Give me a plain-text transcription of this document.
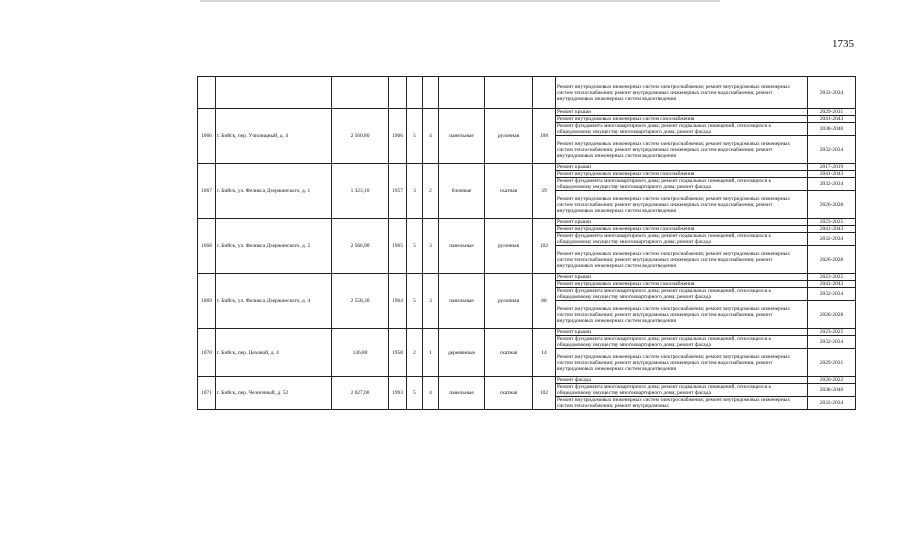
1735
									Ремонт внутридомовых инженерных систем электроснабжения; ремонт внутридомовых инженерных систем теплоснабжения; ремонт внутридомовых инженерных систем водоснабжения; ремонт внутридомовых инженерных систем водоотведения	2032-2034
1066	г. Бийск, пер. Училищный, д. 4	2 560,80	1966	5	4	панельные	рулонная	108	Ремонт крыши	2029-2031
									Ремонт внутридомовых инженерных систем газоснабжения	2041-2043
									Ремонт фундамента многоквартирного дома; ремонт подвальных помещений, относящихся к общедомовому имуществу многоквартирного дома; ремонт фасада	2038-2040
									Ремонт внутридомовых инженерных систем электроснабжения; ремонт внутридомовых инженерных систем теплоснабжения; ремонт внутридомовых инженерных систем водоснабжения; ремонт внутридомовых инженерных систем водоотведения	2032-2034
1067	г. Бийск, ул. Феликса Дзержинского, д. 1	1 323,10	1957	3	2	блочные	скатная	39	Ремонт крыши	2017-2019
									Ремонт внутридомовых инженерных систем газоснабжения	2041-2043
									Ремонт фундамента многоквартирного дома; ремонт подвальных помещений, относящихся к общедомовому имуществу многоквартирного дома; ремонт фасада	2032-2034
									Ремонт внутридомовых инженерных систем электроснабжения; ремонт внутридомовых инженерных систем теплоснабжения; ремонт внутридомовых инженерных систем водоснабжения; ремонт внутридомовых инженерных систем водоотведения	2026-2028
1068	г. Бийск, ул. Феликса Дзержинского, д. 2	2 566,90	1965	5	3	панельные	рулонная	102	Ремонт крыши	2023-2025
									Ремонт внутридомовых инженерных систем газоснабжения	2041-2043
									Ремонт фундамента многоквартирного дома; ремонт подвальных помещений, относящихся к общедомовому имуществу многоквартирного дома; ремонт фасада	2032-2034
									Ремонт внутридомовых инженерных систем электроснабжения; ремонт внутридомовых инженерных систем теплоснабжения; ремонт внутридомовых инженерных систем водоснабжения; ремонт внутридомовых инженерных систем водоотведения	2026-2028
1069	г. Бийск, ул. Феликса Дзержинского, д. 4	2 558,30	1964	5	3	панельные	рулонная	88	Ремонт крыши	2023-2025
									Ремонт внутридомовых инженерных систем газоснабжения	2041-2043
									Ремонт фундамента многоквартирного дома; ремонт подвальных помещений, относящихся к общедомовому имуществу многоквартирного дома; ремонт фасада	2032-2034
									Ремонт внутридомовых инженерных систем электроснабжения; ремонт внутридомовых инженерных систем теплоснабжения; ремонт внутридомовых инженерных систем водоснабжения; ремонт внутридомовых инженерных систем водоотведения	2026-2028
1070	г. Бийск, пер. Цеховой, д. 4	136,80	1958	2	1	деревянные	скатная	14	Ремонт крыши	2023-2025
									Ремонт фундамента многоквартирного дома; ремонт подвальных помещений, относящихся к общедомовому имуществу многоквартирного дома; ремонт фасада	2032-2034
									Ремонт внутридомовых инженерных систем электроснабжения; ремонт внутридомовых инженерных систем теплоснабжения; ремонт внутридомовых инженерных систем водоснабжения; ремонт внутридомовых инженерных систем водоотведения	2029-2031
1071	г. Бийск, пер. Челночный, д. 52	2 627,00	1993	5	4	панельные	скатная	102	Ремонт фасада	2020-2022
									Ремонт фундамента многоквартирного дома; ремонт подвальных помещений, относящихся к общедомовому имуществу многоквартирного дома; ремонт фасада	2038-2040
									Ремонт внутридомовых инженерных систем электроснабжения; ремонт внутридомовых инженерных систем теплоснабжения; ремонт внутридомовых	2032-2034
